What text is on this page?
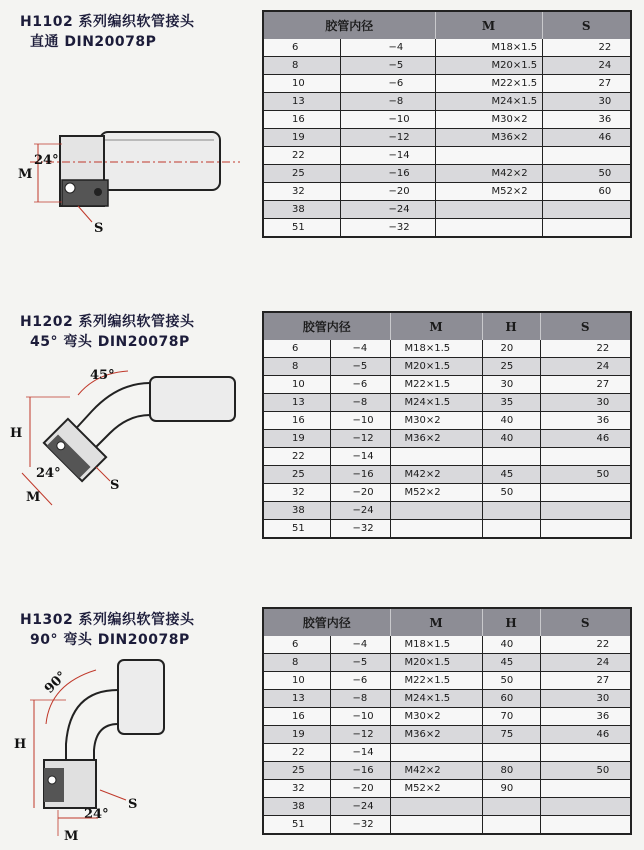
H1102 系列编织软管接头
直通 DIN20078P
M
24°
S
胶管内径		M	S
6	−4	M18×1.5	22
8	−5	M20×1.5	24
10	−6	M22×1.5	27
13	−8	M24×1.5	30
16	−10	M30×2	36
19	−12	M36×2	46
22	−14		
25	−16	M42×2	50
32	−20	M52×2	60
38	−24		
51	−32		
H1202 系列编织软管接头
45° 弯头 DIN20078P
45°
H
24°
M
S
胶管内径		M	H	S
6	−4	M18×1.5	20	22
8	−5	M20×1.5	25	24
10	−6	M22×1.5	30	27
13	−8	M24×1.5	35	30
16	−10	M30×2	40	36
19	−12	M36×2	40	46
22	−14			
25	−16	M42×2	45	50
32	−20	M52×2	50	
38	−24			
51	−32			
H1302 系列编织软管接头
90° 弯头 DIN20078P
90°
H
24°
M
S
胶管内径		M	H	S
6	−4	M18×1.5	40	22
8	−5	M20×1.5	45	24
10	−6	M22×1.5	50	27
13	−8	M24×1.5	60	30
16	−10	M30×2	70	36
19	−12	M36×2	75	46
22	−14			
25	−16	M42×2	80	50
32	−20	M52×2	90	
38	−24			
51	−32			
